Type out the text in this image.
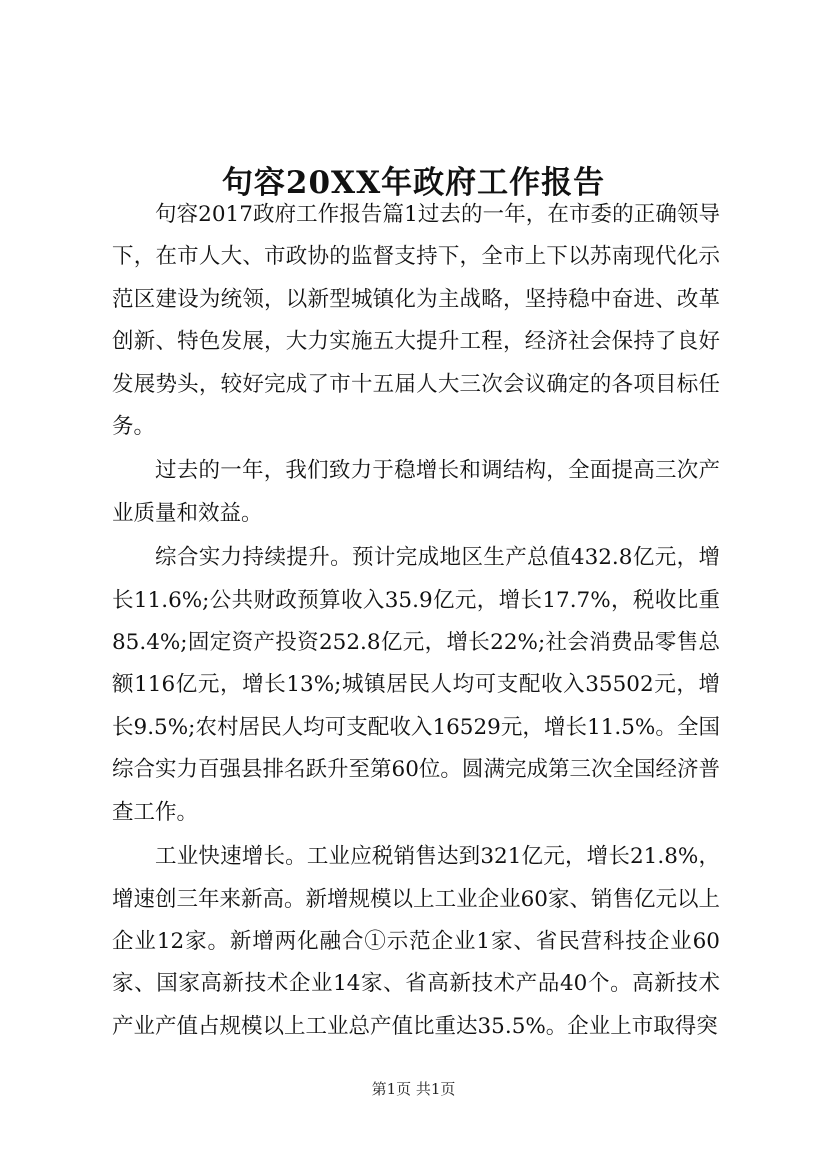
句容20XX年政府工作报告

句容2017政府工作报告篇1过去的一年，在市委的正确领导下，在市人大、市政协的监督支持下，全市上下以苏南现代化示范区建设为统领，以新型城镇化为主战略，坚持稳中奋进、改革创新、特色发展，大力实施五大提升工程，经济社会保持了良好发展势头，较好完成了市十五届人大三次会议确定的各项目标任务。

过去的一年，我们致力于稳增长和调结构，全面提高三次产业质量和效益。

综合实力持续提升。预计完成地区生产总值432.8亿元，增长11.6%;公共财政预算收入35.9亿元，增长17.7%，税收比重85.4%;固定资产投资252.8亿元，增长22%;社会消费品零售总额116亿元，增长13%;城镇居民人均可支配收入35502元，增长9.5%;农村居民人均可支配收入16529元，增长11.5%。全国综合实力百强县排名跃升至第60位。圆满完成第三次全国经济普查工作。

工业快速增长。工业应税销售达到321亿元，增长21.8%，增速创三年来新高。新增规模以上工业企业60家、销售亿元以上企业12家。新增两化融合①示范企业1家、省民营科技企业60家、国家高新技术企业14家、省高新技术产品40个。高新技术产业产值占规模以上工业总产值比重达35.5%。企业上市取得突

第1页 共1页
